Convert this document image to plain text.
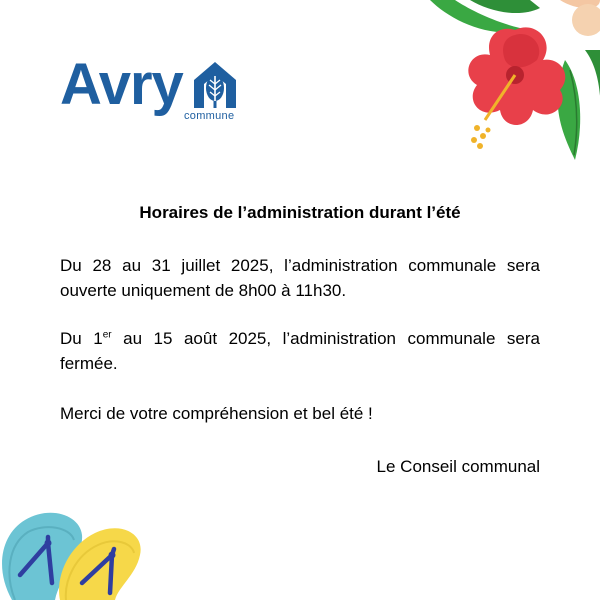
Avry commune
Horaires de l’administration durant l’été
Du 28 au 31 juillet 2025, l’administration communale sera ouverte uniquement de 8h00 à 11h30.
Du 1er au 15 août 2025, l’administration communale sera fermée.
Merci de votre compréhension et bel été !
Le Conseil communal
